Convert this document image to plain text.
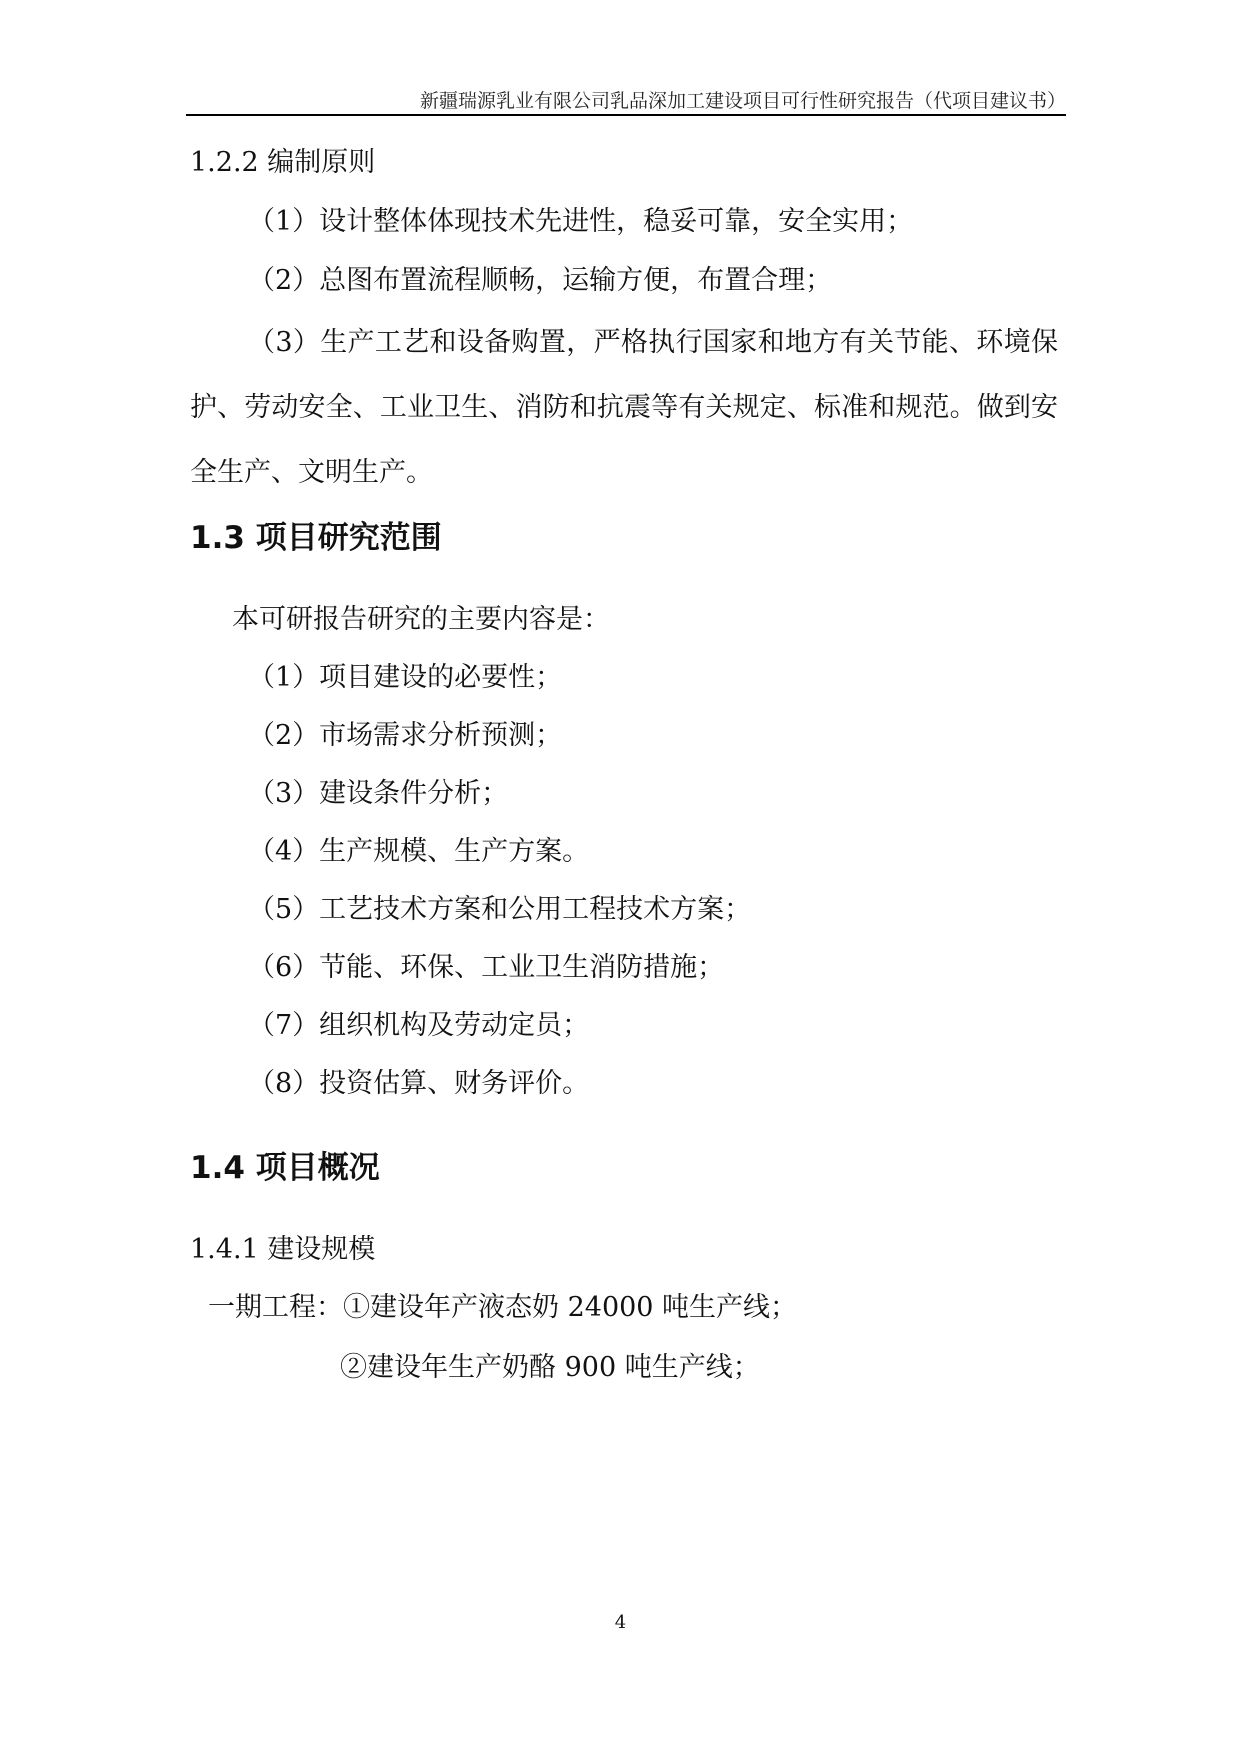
新疆瑞源乳业有限公司乳品深加工建设项目可行性研究报告（代项目建议书）
1.2.2 编制原则
（1）设计整体体现技术先进性，稳妥可靠，安全实用；
（2）总图布置流程顺畅，运输方便，布置合理；
（3）生产工艺和设备购置，严格执行国家和地方有关节能、环境保护、劳动安全、工业卫生、消防和抗震等有关规定、标准和规范。做到安全生产、文明生产。
1.3 项目研究范围
本可研报告研究的主要内容是：
（1）项目建设的必要性；
（2）市场需求分析预测；
（3）建设条件分析；
（4）生产规模、生产方案。
（5）工艺技术方案和公用工程技术方案；
（6）节能、环保、工业卫生消防措施；
（7）组织机构及劳动定员；
（8）投资估算、财务评价。
1.4 项目概况
1.4.1 建设规模
一期工程：①建设年产液态奶 24000 吨生产线；
②建设年生产奶酪 900 吨生产线；
4
